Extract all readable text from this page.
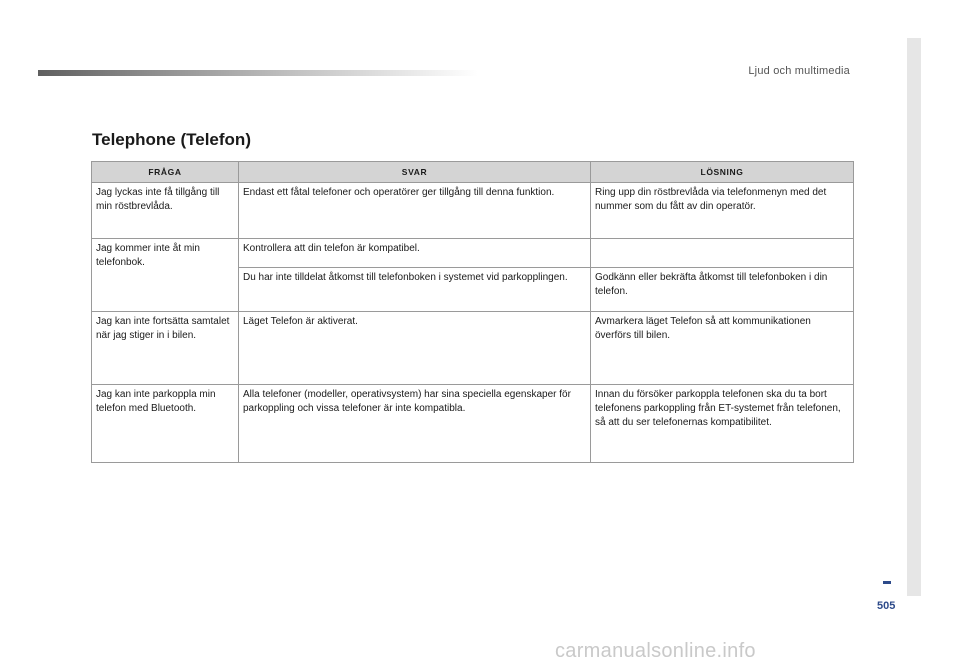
Ljud och multimedia
505
Telephone (Telefon)
FRÅGA	SVAR	LÖSNING
Jag lyckas inte få tillgång till min röstbrevlåda.	Endast ett fåtal telefoner och operatörer ger tillgång till denna funktion.	Ring upp din röstbrevlåda via telefonmenyn med det nummer som du fått av din operatör.
Jag kommer inte åt min telefonbok.	Kontrollera att din telefon är kompatibel.	
	Du har inte tilldelat åtkomst till telefonboken i systemet vid parkopplingen.	Godkänn eller bekräfta åtkomst till telefonboken i din telefon.
Jag kan inte fortsätta samtalet när jag stiger in i bilen.	Läget Telefon är aktiverat.	Avmarkera läget Telefon så att kommunikationen överförs till bilen.
Jag kan inte parkoppla min telefon med Bluetooth.	Alla telefoner (modeller, operativsystem) har sina speciella egenskaper för parkoppling och vissa telefoner är inte kompatibla.	Innan du försöker parkoppla telefonen ska du ta bort telefonens parkoppling från ET-systemet från telefonen, så att du ser telefonernas kompatibilitet.
carmanualsonline.info
